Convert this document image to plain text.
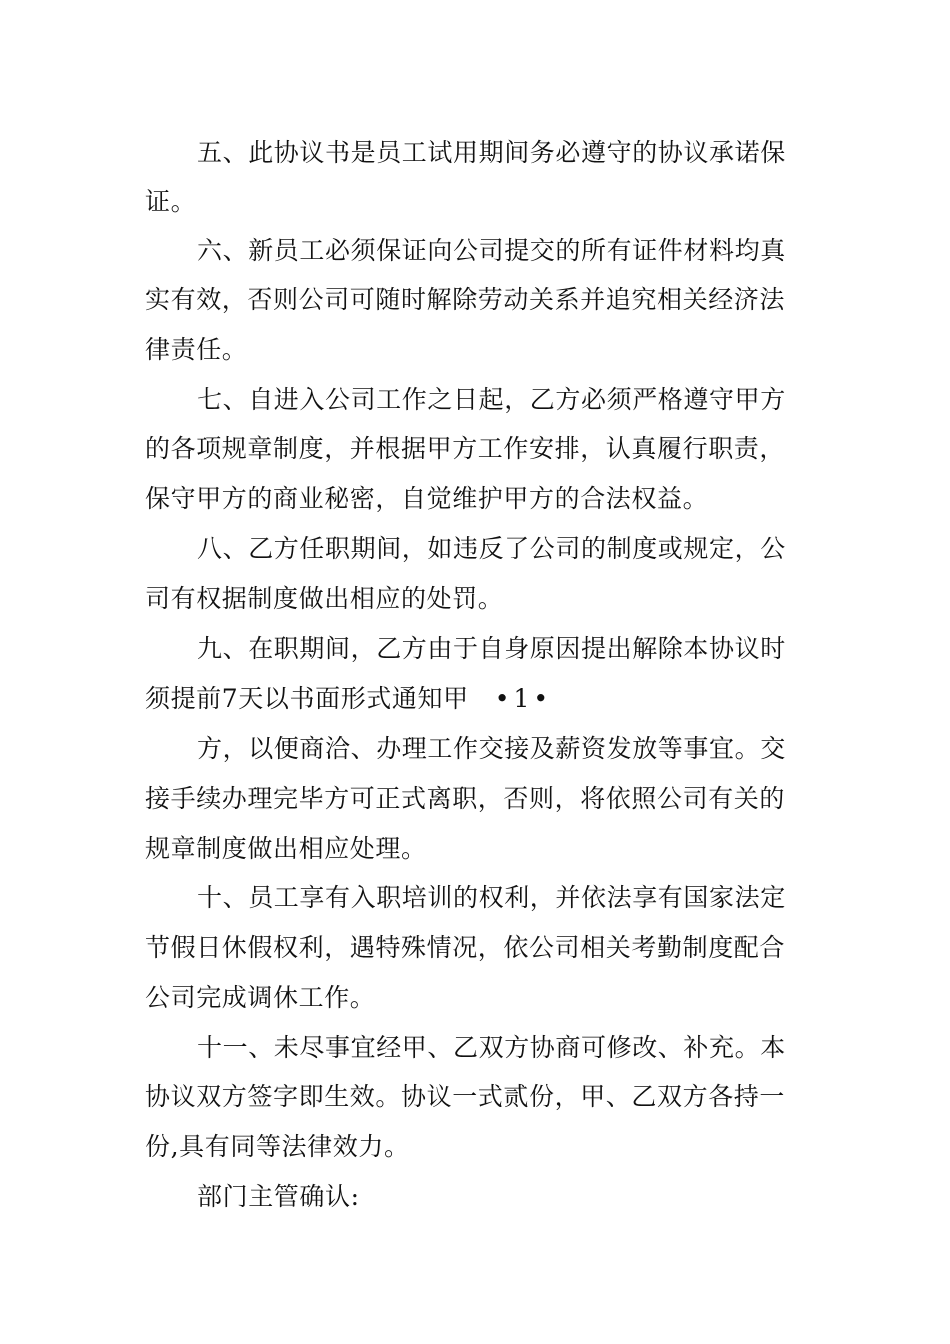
五、此协议书是员工试用期间务必遵守的协议承诺保
证。
六、新员工必须保证向公司提交的所有证件材料均真
实有效，否则公司可随时解除劳动关系并追究相关经济法
律责任。
七、自进入公司工作之日起，乙方必须严格遵守甲方
的各项规章制度，并根据甲方工作安排，认真履行职责，
保守甲方的商业秘密，自觉维护甲方的合法权益。
八、乙方任职期间，如违反了公司的制度或规定，公
司有权据制度做出相应的处罚。
九、在职期间，乙方由于自身原因提出解除本协议时
须提前7天以书面形式通知甲 •1•
方，以便商洽、办理工作交接及薪资发放等事宜。交
接手续办理完毕方可正式离职，否则，将依照公司有关的
规章制度做出相应处理。
十、员工享有入职培训的权利，并依法享有国家法定
节假日休假权利，遇特殊情况，依公司相关考勤制度配合
公司完成调休工作。
十一、未尽事宜经甲、乙双方协商可修改、补充。本
协议双方签字即生效。协议一式贰份，甲、乙双方各持一
份,具有同等法律效力。
部门主管确认:
